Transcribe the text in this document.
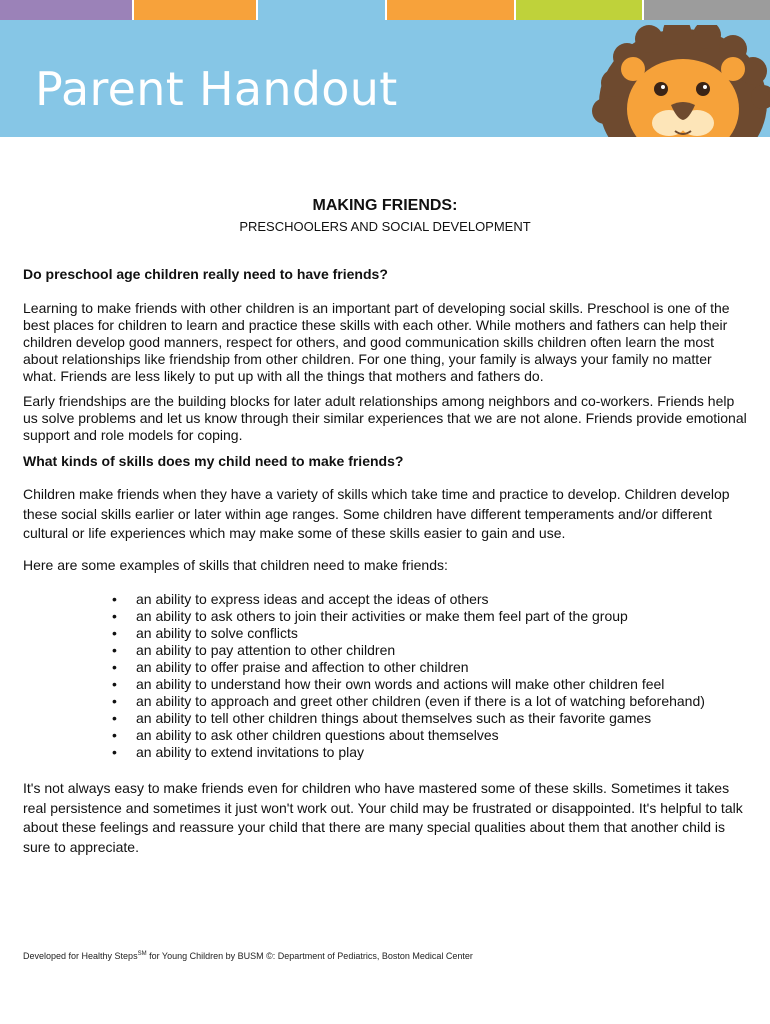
Parent Handout

MAKING FRIENDS:

PRESCHOOLERS AND SOCIAL DEVELOPMENT

Do preschool age children really need to have friends?

Learning to make friends with other children is an important part of developing social skills. Preschool is one of the best places for children to learn and practice these skills with each other. While mothers and fathers can help their children develop good manners, respect for others, and good communication skills children often learn the most about relationships like friendship from other children. For one thing, your family is always your family no matter what. Friends are less likely to put up with all the things that mothers and fathers do.

Early friendships are the building blocks for later adult relationships among neighbors and co-workers. Friends help us solve problems and let us know through their similar experiences that we are not alone. Friends provide emotional support and role models for coping.

What kinds of skills does my child need to make friends?

Children make friends when they have a variety of skills which take time and practice to develop. Children develop these social skills earlier or later within age ranges. Some children have different temperaments and/or different cultural or life experiences which may make some of these skills easier to gain and use.

Here are some examples of skills that children need to make friends:

• an ability to express ideas and accept the ideas of others
• an ability to ask others to join their activities or make them feel part of the group
• an ability to solve conflicts
• an ability to pay attention to other children
• an ability to offer praise and affection to other children
• an ability to understand how their own words and actions will make other children feel
• an ability to approach and greet other children (even if there is a lot of watching beforehand)
• an ability to tell other children things about themselves such as their favorite games
• an ability to ask other children questions about themselves
• an ability to extend invitations to play

It's not always easy to make friends even for children who have mastered some of these skills. Sometimes it takes real persistence and sometimes it just won't work out. Your child may be frustrated or disappointed. It's helpful to talk about these feelings and reassure your child that there are many special qualities about them that another child is sure to appreciate.

Developed for Healthy Steps℠ for Young Children by BUSM ©: Department of Pediatrics, Boston Medical Center
